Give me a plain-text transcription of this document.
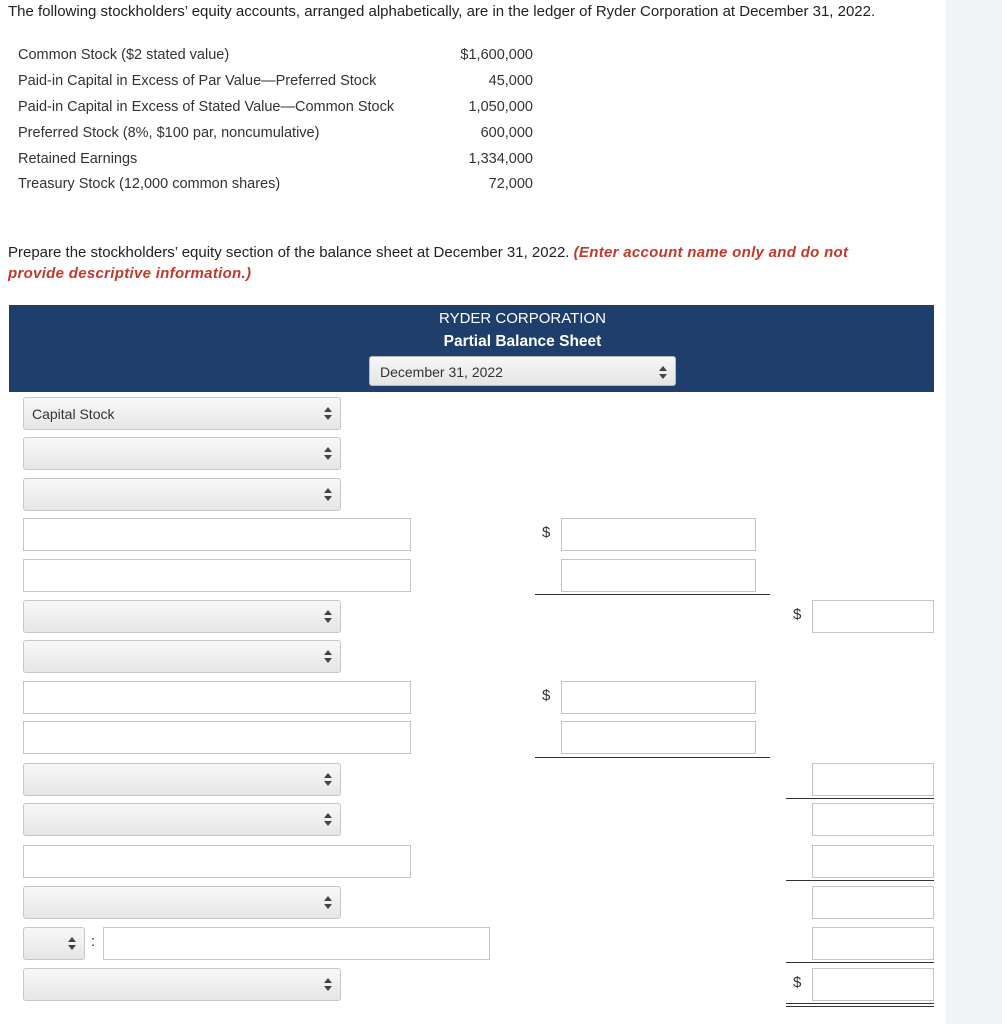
The following stockholders’ equity accounts, arranged alphabetically, are in the ledger of Ryder Corporation at December 31, 2022.
Common Stock ($2 stated value)	$1,600,000
Paid-in Capital in Excess of Par Value—Preferred Stock	45,000
Paid-in Capital in Excess of Stated Value—Common Stock	1,050,000
Preferred Stock (8%, $100 par, noncumulative)	600,000
Retained Earnings	1,334,000
Treasury Stock (12,000 common shares)	72,000
Prepare the stockholders’ equity section of the balance sheet at December 31, 2022. (Enter account name only and do not provide descriptive information.)
RYDER CORPORATION
Partial Balance Sheet
December 31, 2022
Capital Stock
$
$
$
:
$
